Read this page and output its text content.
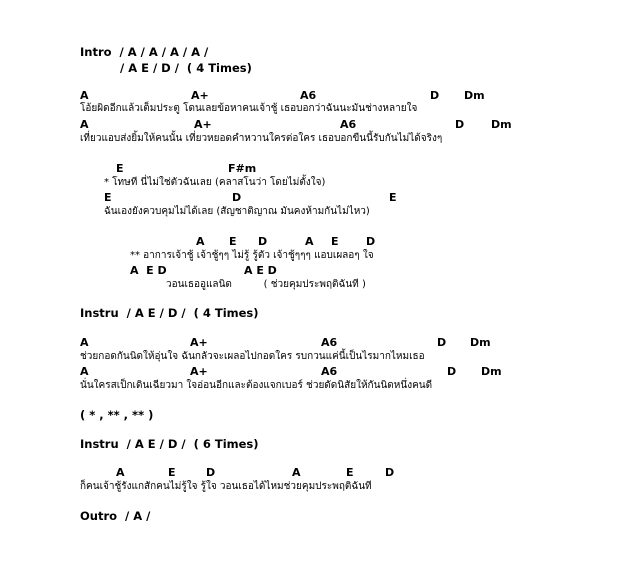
Intro  / A / A / A / A /
/ A E / D /  ( 4 Times)

A

	A+

	A6

	D

Dm

โอ้ยผิดอีกแล้วเต็มประตู โดนเลยข้อหาคนเจ้าชู้ เธอบอกว่าฉันนะมันช่างหลายใจ

A

	A+

	A6

	D

Dm

เที่ยวแอบส่งยิ้มให้คนนั้น เที่ยวหยอดคำหวานใครต่อใคร เธอบอกขืนนี้รับกันไม่ได้จริงๆ

E

	F#m

* โทษที นี่ไม่ใช่ตัวฉันเลย (คลาสโนว่า โดยไม่ตั้งใจ)

E

	D

	E

ฉันเองยังควบคุมไม่ได้เลย (สัญชาติญาณ มันคงห้ามกันไม่ไหว)

A

E

D

	A

E

D

** อาการเจ้าชู้ เจ้าชู้ๆๆ ไม่รู้ รู้ตัว เจ้าชู้ๆๆๆ แอบเผลอๆ ใจ

A  E D

	A E D

วอนเธออูแลนิด          ( ช่วยคุมประพฤติฉันที )
Instru  / A E / D /  ( 4 Times)

A

	A+

	A6

	D

Dm

ช่วยกอดกันนิดให้อุ่นใจ ฉันกลัวจะเผลอไปกอดใคร รบกวนแค่นี้เป็นไรมากไหมเธอ

A

	A+

	A6

	D

Dm

นั่นใครสเป็กเดินเฉียวมา ใจอ่อนอีกและต้องแจกเบอร์ ช่วยดัดนิสัยให้กันนิดหนึ่งคนดี
( * , ** , ** )
Instru  / A E / D /  ( 6 Times)

A

	E

	D

	A

	E

	D

ก็คนเจ้าชู้รังแกสักคนไม่รู้ใจ รู้ใจ วอนเธอได้ไหมช่วยคุมประพฤติฉันที
Outro  / A /
